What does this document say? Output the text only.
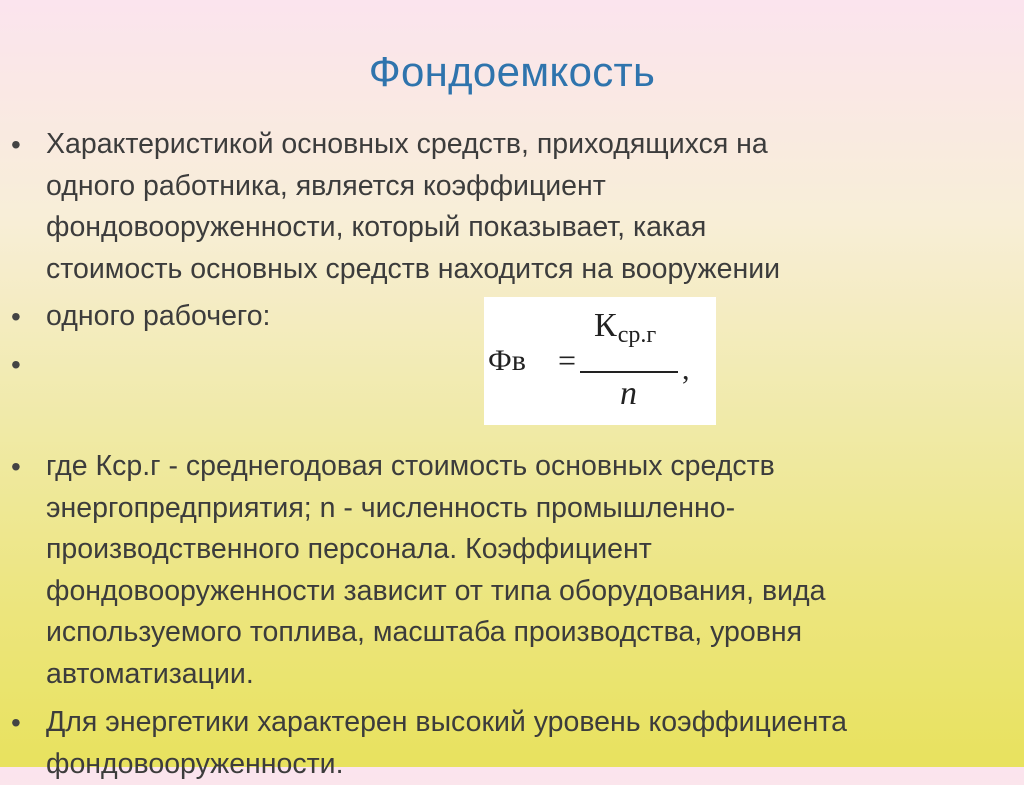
Фондоемкость
• Характеристикой основных средств, приходящихся на
одного работника, является коэффициент
фондовооруженности, который показывает, какая
стоимость основных средств находится на вооружении
• одного рабочего:
•	Фв =
Кср.г
n
,
• где Кср.г - среднегодовая стоимость основных средств
энергопредприятия; n - численность промышленно-
производственного персонала. Коэффициент
фондовооруженности зависит от типа оборудования, вида
используемого топлива, масштаба производства, уровня
автоматизации.
• Для энергетики характерен высокий уровень коэффициента
фондовооруженности.
